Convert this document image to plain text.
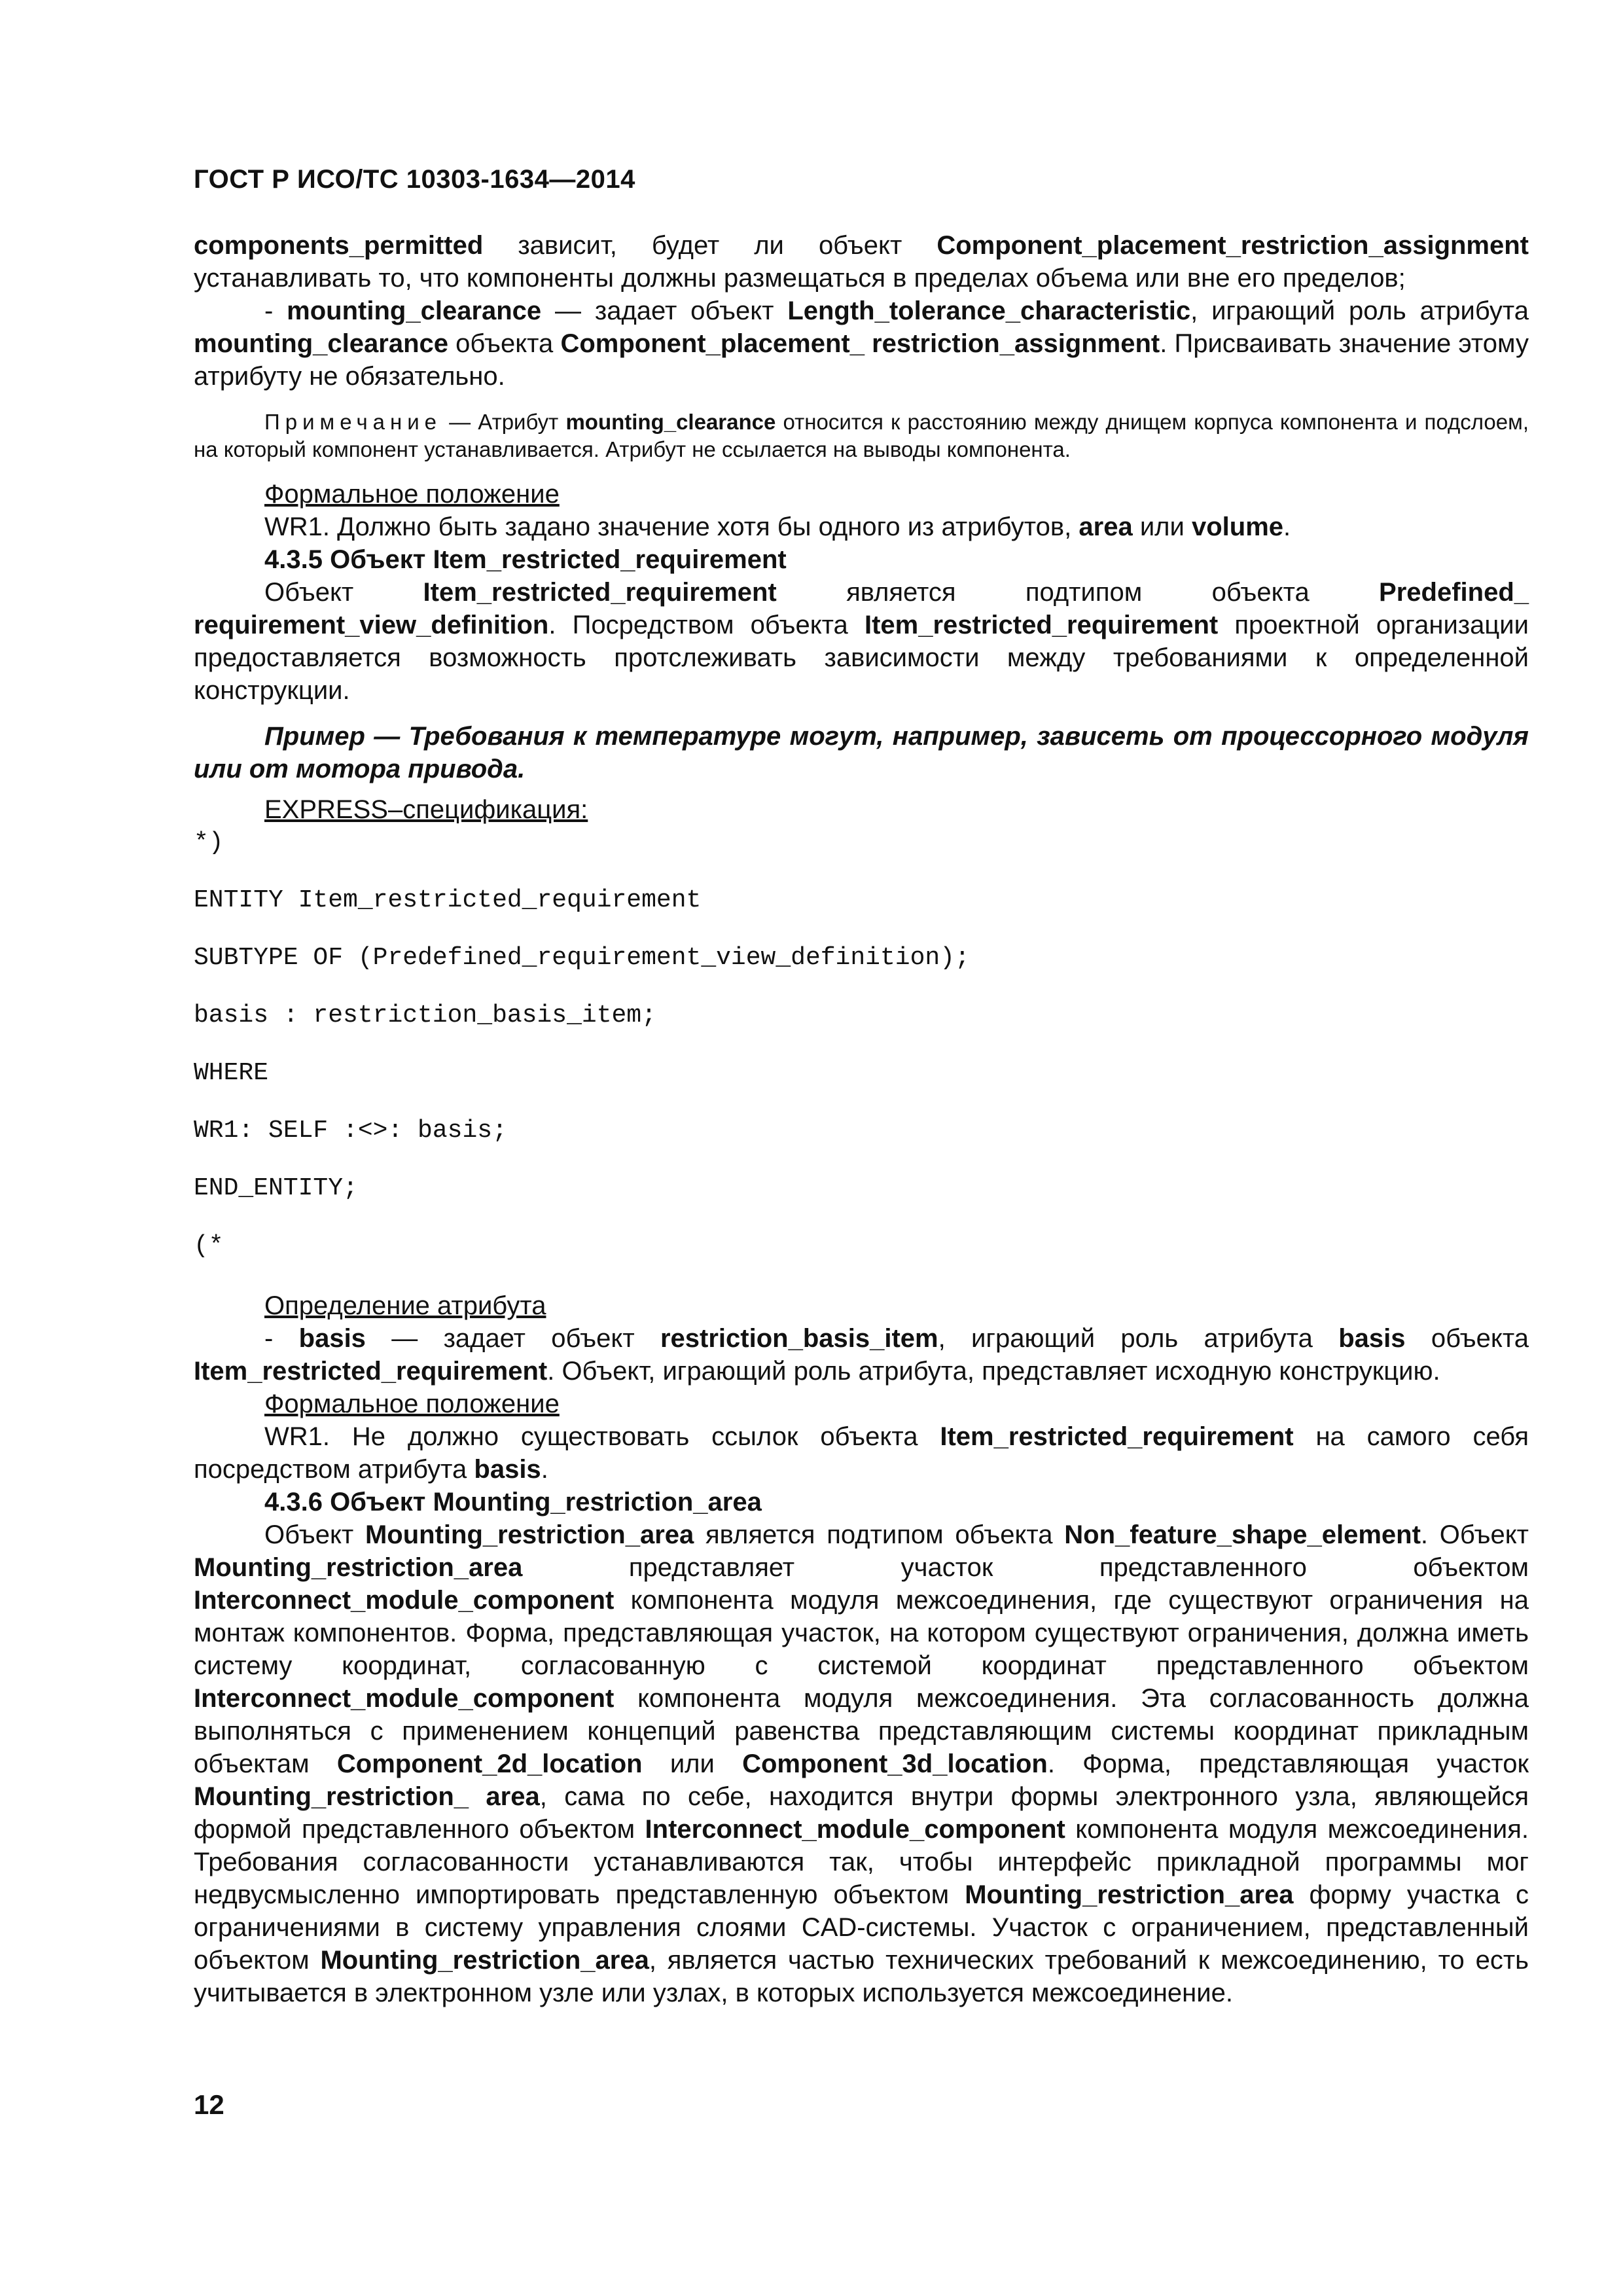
ГОСТ Р ИСО/ТС 10303-1634—2014

components_permitted зависит, будет ли объект Component_placement_restriction_assignment устанавливать то, что компоненты должны размещаться в пределах объема или вне его пределов;

- mounting_clearance — задает объект Length_tolerance_characteristic, играющий роль атрибута mounting_clearance объекта Component_placement_ restriction_assignment. Присваивать значение этому атрибуту не обязательно.

Примечание — Атрибут mounting_clearance относится к расстоянию между днищем корпуса компонента и подслоем, на который компонент устанавливается. Атрибут не ссылается на выводы компонента.

Формальное положение

WR1. Должно быть задано значение хотя бы одного из атрибутов, area или volume.

4.3.5 Объект Item_restricted_requirement

Объект Item_restricted_requirement является подтипом объекта Predefined_ requirement_view_definition. Посредством объекта Item_restricted_requirement проектной организации предоставляется возможность протслеживать зависимости между требованиями к определенной конструкции.

Пример — Требования к температуре могут, например, зависеть от процессорного модуля или от мотора привода.

EXPRESS–спецификация:

*)
ENTITY Item_restricted_requirement
SUBTYPE OF (Predefined_requirement_view_definition);
basis : restriction_basis_item;
WHERE
WR1: SELF :<>: basis;
END_ENTITY;
(*

Определение атрибута

- basis — задает объект restriction_basis_item, играющий роль атрибута basis объекта Item_restricted_requirement. Объект, играющий роль атрибута, представляет исходную конструкцию.

Формальное положение

WR1. Не должно существовать ссылок объекта Item_restricted_requirement на самого себя посредством атрибута basis.

4.3.6 Объект Mounting_restriction_area

Объект Mounting_restriction_area является подтипом объекта Non_feature_shape_element. Объект Mounting_restriction_area представляет участок представленного объектом Interconnect_module_component компонента модуля межсоединения, где существуют ограничения на монтаж компонентов. Форма, представляющая участок, на котором существуют ограничения, должна иметь систему координат, согласованную с системой координат представленного объектом Interconnect_module_component компонента модуля межсоединения. Эта согласованность должна выполняться с применением концепций равенства представляющим системы координат прикладным объектам Component_2d_location или Component_3d_location. Форма, представляющая участок Mounting_restriction_ area, сама по себе, находится внутри формы электронного узла, являющейся формой представленного объектом Interconnect_module_component компонента модуля межсоединения. Требования согласованности устанавливаются так, чтобы интерфейс прикладной программы мог недвусмысленно импортировать представленную объектом Mounting_restriction_area форму участка с ограничениями в систему управления слоями CAD-системы. Участок с ограничением, представленный объектом Mounting_restriction_area, является частью технических требований к межсоединению, то есть учитывается в электронном узле или узлах, в которых используется межсоединение.

12
